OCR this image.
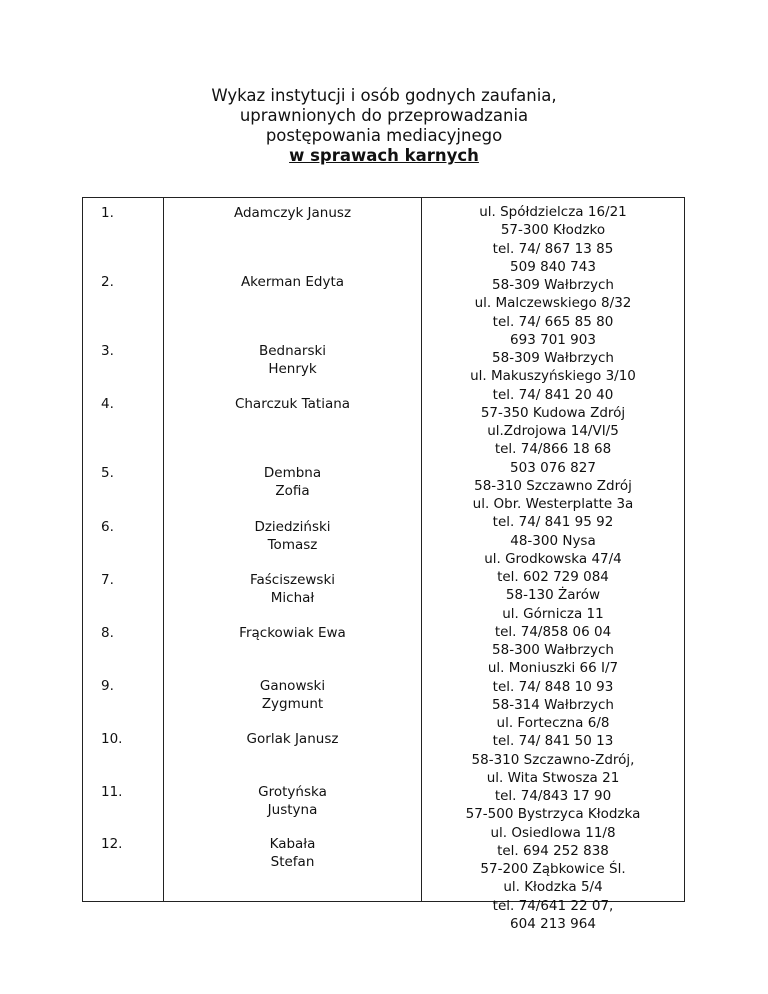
Wykaz instytucji i osób godnych zaufania,
uprawnionych do przeprowadzania
postępowania mediacyjnego
w sprawach karnych
1.
2.
3.
4.
5.
6.
7.
8.
9.
10.
11.
12.
Adamczyk Janusz
Akerman Edyta
Bednarski
Henryk
Charczuk Tatiana
Dembna
Zofia
Dziedziński
Tomasz
Faściszewski
Michał
Frąckowiak Ewa
Ganowski
Zygmunt
Gorlak Janusz
Grotyńska
Justyna
Kabała
Stefan
ul. Spółdzielcza 16/21
57-300 Kłodzko
tel. 74/ 867 13 85
509 840 743
58-309 Wałbrzych
ul. Malczewskiego 8/32
tel. 74/ 665 85 80
693 701 903
58-309 Wałbrzych
ul. Makuszyńskiego 3/10
tel. 74/ 841 20 40
57-350 Kudowa Zdrój
ul.Zdrojowa 14/VI/5
tel. 74/866 18 68
503 076 827
58-310 Szczawno Zdrój
ul. Obr. Westerplatte 3a
tel. 74/ 841 95 92
48-300 Nysa
ul. Grodkowska 47/4
tel. 602 729 084
58-130 Żarów
ul. Górnicza 11
tel. 74/858 06 04
58-300 Wałbrzych
ul. Moniuszki 66 I/7
tel. 74/ 848 10 93
58-314 Wałbrzych
ul. Forteczna 6/8
tel. 74/ 841 50 13
58-310 Szczawno-Zdrój,
ul. Wita Stwosza 21
tel. 74/843 17 90
57-500 Bystrzyca Kłodzka
ul. Osiedlowa 11/8
tel. 694 252 838
57-200 Ząbkowice Śl.
ul. Kłodzka 5/4
tel. 74/641 22 07,
604 213 964
